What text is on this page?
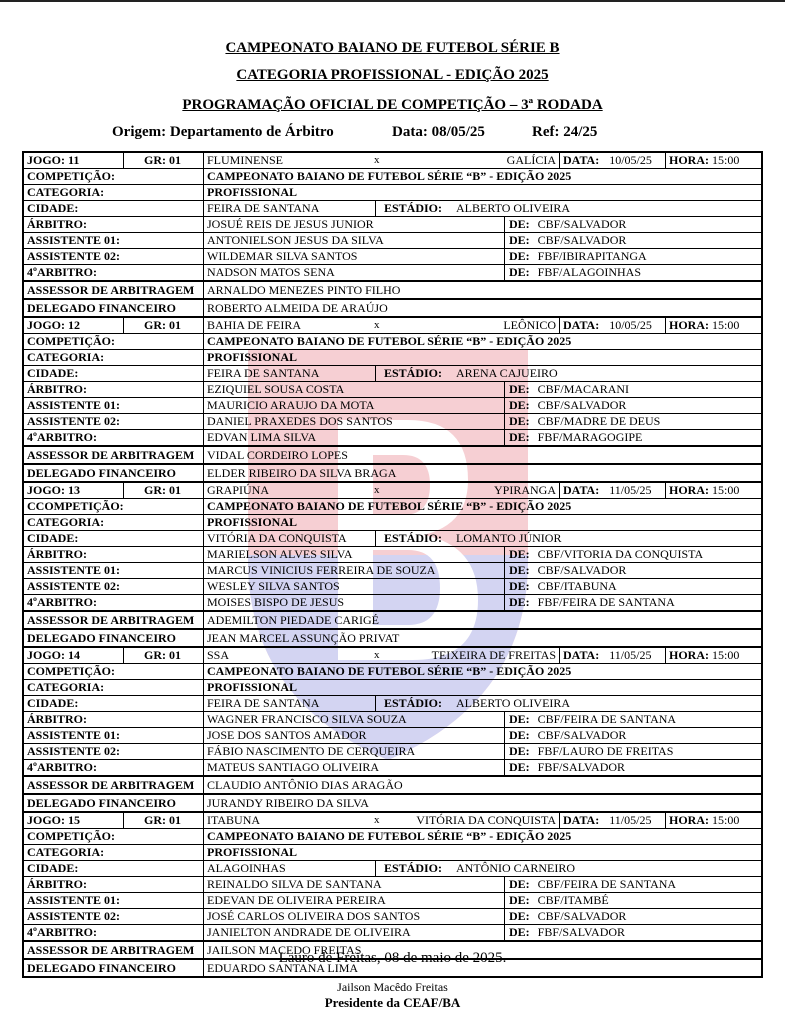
CAMPEONATO BAIANO DE FUTEBOL SÉRIE B
CATEGORIA PROFISSIONAL - EDIÇÃO 2025
PROGRAMAÇÃO OFICIAL DE COMPETIÇÃO – 3ª RODADA
Origem: Departamento de Árbitro	Data: 08/05/25	Ref: 24/25
JOGO: 11	GR: 01	FLUMINENSE	x	GALÍCIA DATA: 10/05/25	HORA: 15:00
COMPETIÇÃO:	CAMPEONATO BAIANO DE FUTEBOL SÉRIE “B” - EDIÇÃO 2025
CATEGORIA:	PROFISSIONAL
CIDADE:	FEIRA DE SANTANA	ESTÁDIO: ALBERTO OLIVEIRA
ÁRBITRO:	JOSUÉ REIS DE JESUS JUNIOR	DE: CBF/SALVADOR
ASSISTENTE 01:	ANTONIELSON JESUS DA SILVA	DE: CBF/SALVADOR
ASSISTENTE 02:	WILDEMAR SILVA SANTOS	DE: FBF/IBIRAPITANGA
4ºARBITRO:	NADSON MATOS SENA	DE: FBF/ALAGOINHAS
ASSESSOR DE ARBITRAGEM	ARNALDO MENEZES PINTO FILHO
DELEGADO FINANCEIRO	ROBERTO ALMEIDA DE ARAÚJO
JOGO: 12	GR: 01	BAHIA DE FEIRA	x	LEÔNICO DATA: 10/05/25	HORA: 15:00
COMPETIÇÃO:	CAMPEONATO BAIANO DE FUTEBOL SÉRIE “B” - EDIÇÃO 2025
CATEGORIA:	PROFISSIONAL
CIDADE:	FEIRA DE SANTANA	ESTÁDIO: ARENA CAJUEIRO
ÁRBITRO:	EZIQUIEL SOUSA COSTA	DE: CBF/MACARANI
ASSISTENTE 01:	MAURICIO ARAUJO DA MOTA	DE: CBF/SALVADOR
ASSISTENTE 02:	DANIEL PRAXEDES DOS SANTOS	DE: CBF/MADRE DE DEUS
4ºARBITRO:	EDVAN LIMA SILVA	DE: FBF/MARAGOGIPE
ASSESSOR DE ARBITRAGEM	VIDAL CORDEIRO LOPES
DELEGADO FINANCEIRO	ELDER RIBEIRO DA SILVA BRAGA
JOGO: 13	GR: 01	GRAPIÚNA	x	YPIRANGA DATA: 11/05/25	HORA: 15:00
CCOMPETIÇÃO:	CAMPEONATO BAIANO DE FUTEBOL SÉRIE “B” - EDIÇÃO 2025
CATEGORIA:	PROFISSIONAL
CIDADE:	VITÓRIA DA CONQUISTA	ESTÁDIO: LOMANTO JÚNIOR
ÁRBITRO:	MARIELSON ALVES SILVA	DE: CBF/VITORIA DA CONQUISTA
ASSISTENTE 01:	MARCUS VINICIUS FERREIRA DE SOUZA	DE: CBF/SALVADOR
ASSISTENTE 02:	WESLEY SILVA SANTOS	DE: CBF/ITABUNA
4ºARBITRO:	MOISES BISPO DE JESUS	DE: FBF/FEIRA DE SANTANA
ASSESSOR DE ARBITRAGEM	ADEMILTON PIEDADE CARIGÉ
DELEGADO FINANCEIRO	JEAN MARCEL ASSUNÇÃO PRIVAT
JOGO: 14	GR: 01	SSA	x	TEIXEIRA DE FREITAS DATA: 11/05/25	HORA: 15:00
COMPETIÇÃO:	CAMPEONATO BAIANO DE FUTEBOL SÉRIE “B” - EDIÇÃO 2025
CATEGORIA:	PROFISSIONAL
CIDADE:	FEIRA DE SANTANA	ESTÁDIO: ALBERTO OLIVEIRA
ÁRBITRO:	WAGNER FRANCISCO SILVA SOUZA	DE: CBF/FEIRA DE SANTANA
ASSISTENTE 01:	JOSE DOS SANTOS AMADOR	DE: CBF/SALVADOR
ASSISTENTE 02:	FÁBIO NASCIMENTO DE CERQUEIRA	DE: FBF/LAURO DE FREITAS
4ºARBITRO:	MATEUS SANTIAGO OLIVEIRA	DE: FBF/SALVADOR
ASSESSOR DE ARBITRAGEM	CLAUDIO ANTÔNIO DIAS ARAGÃO
DELEGADO FINANCEIRO	JURANDY RIBEIRO DA SILVA
JOGO: 15	GR: 01	ITABUNA	x	VITÓRIA DA CONQUISTA DATA: 11/05/25	HORA: 15:00
COMPETIÇÃO:	CAMPEONATO BAIANO DE FUTEBOL SÉRIE “B” - EDIÇÃO 2025
CATEGORIA:	PROFISSIONAL
CIDADE:	ALAGOINHAS	ESTÁDIO: ANTÔNIO CARNEIRO
ÁRBITRO:	REINALDO SILVA DE SANTANA	DE: CBF/FEIRA DE SANTANA
ASSISTENTE 01:	EDEVAN DE OLIVEIRA PEREIRA	DE: CBF/ITAMBÉ
ASSISTENTE 02:	JOSÉ CARLOS OLIVEIRA DOS SANTOS	DE: CBF/SALVADOR
4ºARBITRO:	JANIELTON ANDRADE DE OLIVEIRA	DE: FBF/SALVADOR
ASSESSOR DE ARBITRAGEM	JAILSON MACEDO FREITAS
DELEGADO FINANCEIRO	EDUARDO SANTANA LIMA
Lauro de Freitas, 08 de maio de 2025.
Jailson Macêdo Freitas
Presidente da CEAF/BA
